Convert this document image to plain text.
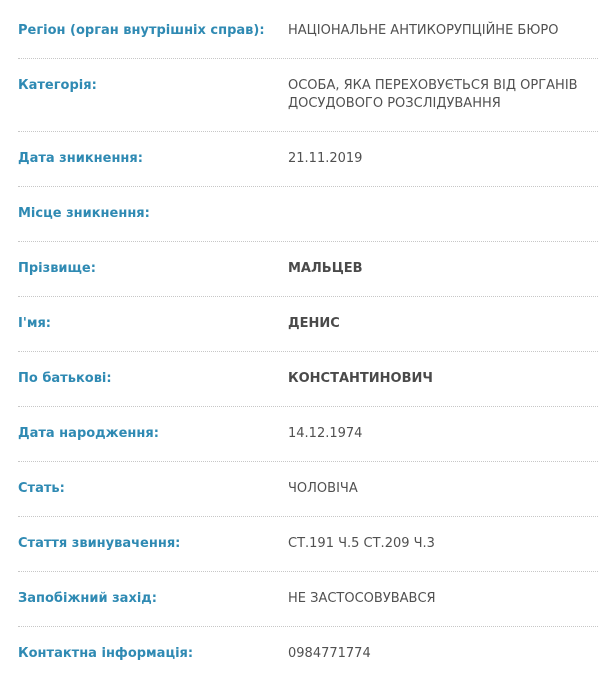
Регіон (орган внутрішніх справ): НАЦІОНАЛЬНЕ АНТИКОРУПЦІЙНЕ БЮРО
Категорія:	ОСОБА, ЯКА ПЕРЕХОВУЄТЬСЯ ВІД ОРГАНІВ ДОСУДОВОГО РОЗСЛІДУВАННЯ
Дата зникнення:	21.11.2019
Місце зникнення:
Прізвище:	МАЛЬЦЕВ
І'мя:	ДЕНИС
По батькові:	КОНСТАНТИНОВИЧ
Дата народження:	14.12.1974
Стать:	ЧОЛОВІЧА
Стаття звинувачення:	СТ.191 Ч.5 СТ.209 Ч.3
Запобіжний захід:	НЕ ЗАСТОСОВУВАВСЯ
Контактна інформація:	0984771774
